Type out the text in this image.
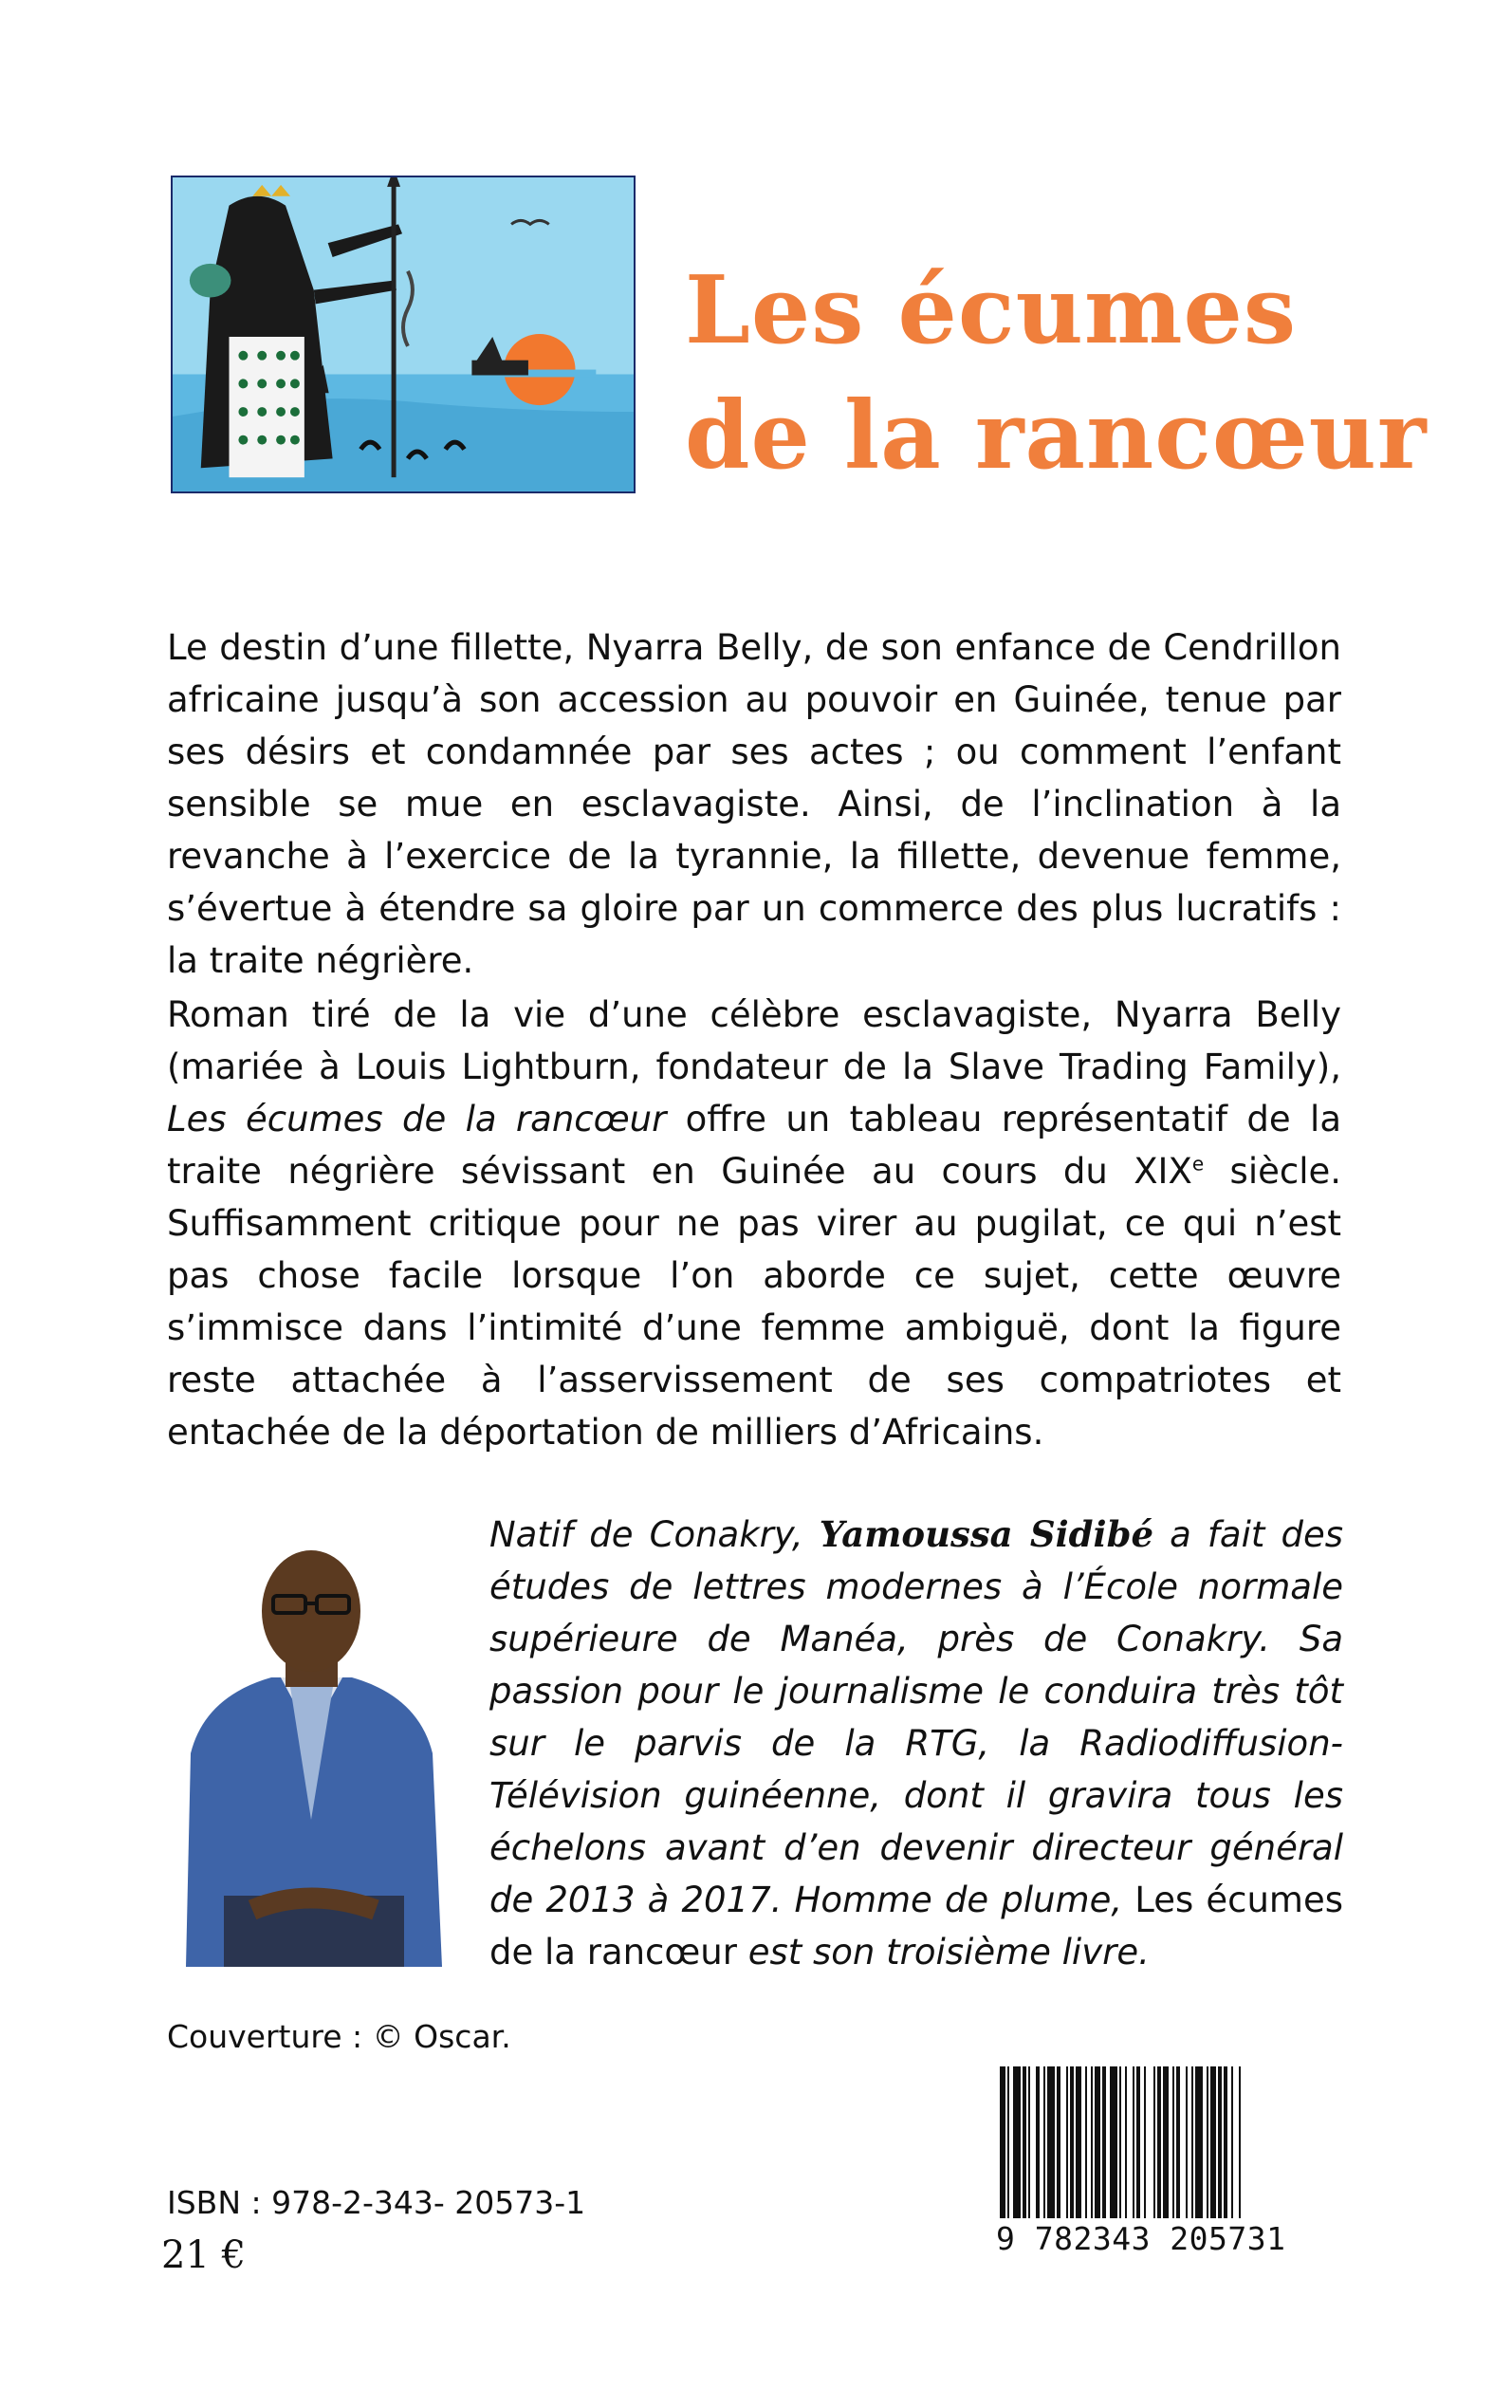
Les écumes
de la rancœur

Le destin d’une fillette, Nyarra Belly, de son enfance de Cendrillon africaine jusqu’à son accession au pouvoir en Guinée, tenue par ses désirs et condamnée par ses actes ; ou comment l’enfant sensible se mue en esclavagiste. Ainsi, de l’inclination à la revanche à l’exercice de la tyrannie, la fillette, devenue femme, s’évertue à étendre sa gloire par un commerce des plus lucratifs : la traite négrière.

Roman tiré de la vie d’une célèbre esclavagiste, Nyarra Belly (mariée à Louis Lightburn, fondateur de la Slave Trading Family), Les écumes de la rancœur offre un tableau représentatif de la traite négrière sévissant en Guinée au cours du XIXe siècle. Suffisamment critique pour ne pas virer au pugilat, ce qui n’est pas chose facile lorsque l’on aborde ce sujet, cette œuvre s’immisce dans l’intimité d’une femme ambiguë, dont la figure reste attachée à l’asservissement de ses compatriotes et entachée de la déportation de milliers d’Africains.

Natif de Conakry, Yamoussa Sidibé a fait des études de lettres modernes à l’École normale supérieure de Manéa, près de Conakry. Sa passion pour le journalisme le conduira très tôt sur le parvis de la RTG, la Radiodiffusion-Télévision guinéenne, dont il gravira tous les échelons avant d’en devenir directeur général de 2013 à 2017. Homme de plume, Les écumes de la rancœur est son troisième livre.

Couverture : © Oscar.
ISBN : 978-2-343- 20573-1
21 €	9 782343 205731
